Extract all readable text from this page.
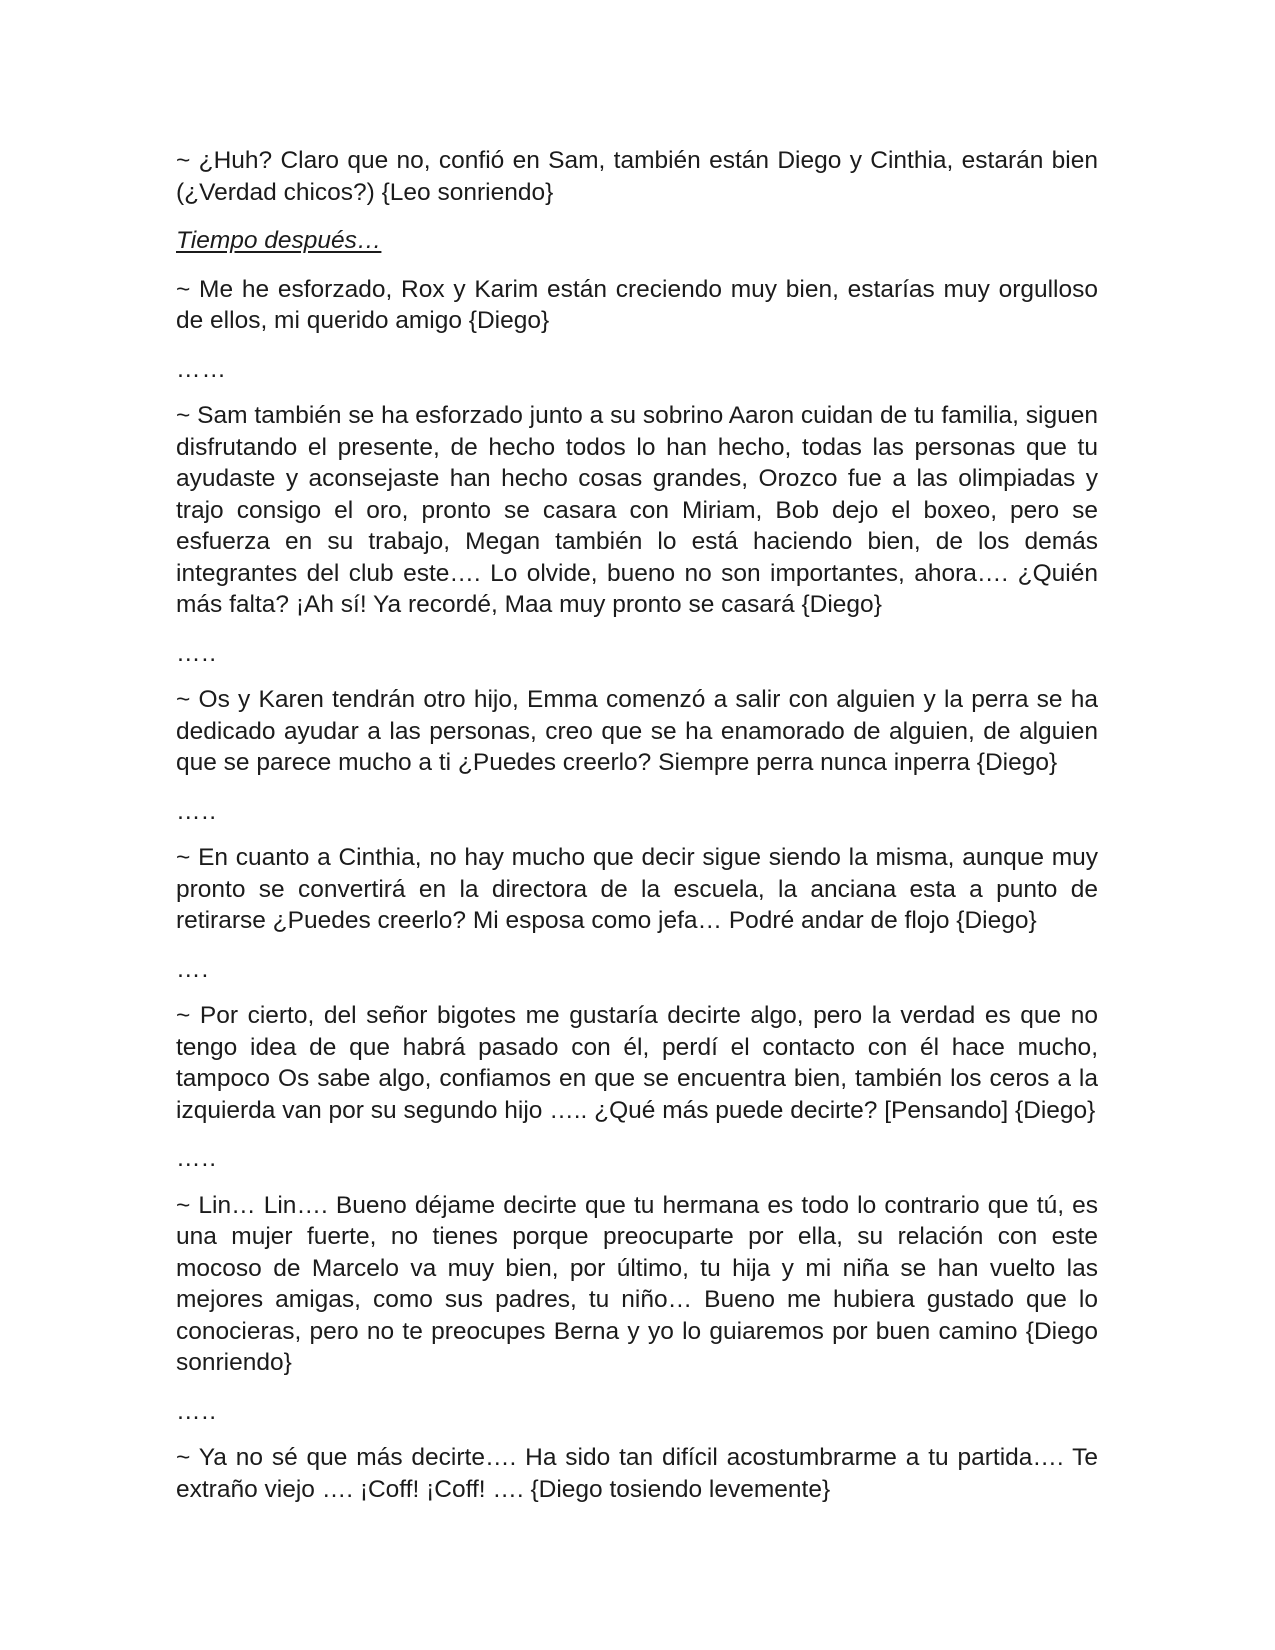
~ ¿Huh? Claro que no, confió en Sam, también están Diego y Cinthia, estarán bien (¿Verdad chicos?) {Leo sonriendo}

Tiempo después…

~ Me he esforzado, Rox y Karim están creciendo muy bien, estarías muy orgulloso de ellos, mi querido amigo {Diego}

……

~ Sam también se ha esforzado junto a su sobrino Aaron cuidan de tu familia, siguen disfrutando el presente, de hecho todos lo han hecho, todas las personas que tu ayudaste y aconsejaste han hecho cosas grandes, Orozco fue a las olimpiadas y trajo consigo el oro, pronto se casara con Miriam, Bob dejo el boxeo, pero se esfuerza en su trabajo, Megan también lo está haciendo bien, de los demás integrantes del club este…. Lo olvide, bueno no son importantes, ahora…. ¿Quién más falta? ¡Ah sí! Ya recordé, Maa muy pronto se casará {Diego}

…..

~ Os y Karen tendrán otro hijo, Emma comenzó a salir con alguien y la perra se ha dedicado ayudar a las personas, creo que se ha enamorado de alguien, de alguien que se parece mucho a ti ¿Puedes creerlo? Siempre perra nunca inperra {Diego}

…..

~ En cuanto a Cinthia, no hay mucho que decir sigue siendo la misma, aunque muy pronto se convertirá en la directora de la escuela, la anciana esta a punto de retirarse ¿Puedes creerlo? Mi esposa como jefa… Podré andar de flojo {Diego}

….

~ Por cierto, del señor bigotes me gustaría decirte algo, pero la verdad es que no tengo idea de que habrá pasado con él, perdí el contacto con él hace mucho, tampoco Os sabe algo, confiamos en que se encuentra bien, también los ceros a la izquierda van por su segundo hijo ….. ¿Qué más puede decirte? [Pensando] {Diego}

…..

~ Lin… Lin…. Bueno déjame decirte que tu hermana es todo lo contrario que tú, es una mujer fuerte, no tienes porque preocuparte por ella, su relación con este mocoso de Marcelo va muy bien, por último, tu hija y mi niña se han vuelto las mejores amigas, como sus padres, tu niño… Bueno me hubiera gustado que lo conocieras, pero no te preocupes Berna y yo lo guiaremos por buen camino {Diego sonriendo}

…..

~ Ya no sé que más decirte…. Ha sido tan difícil acostumbrarme a tu partida…. Te extraño viejo …. ¡Coff! ¡Coff! …. {Diego tosiendo levemente}
